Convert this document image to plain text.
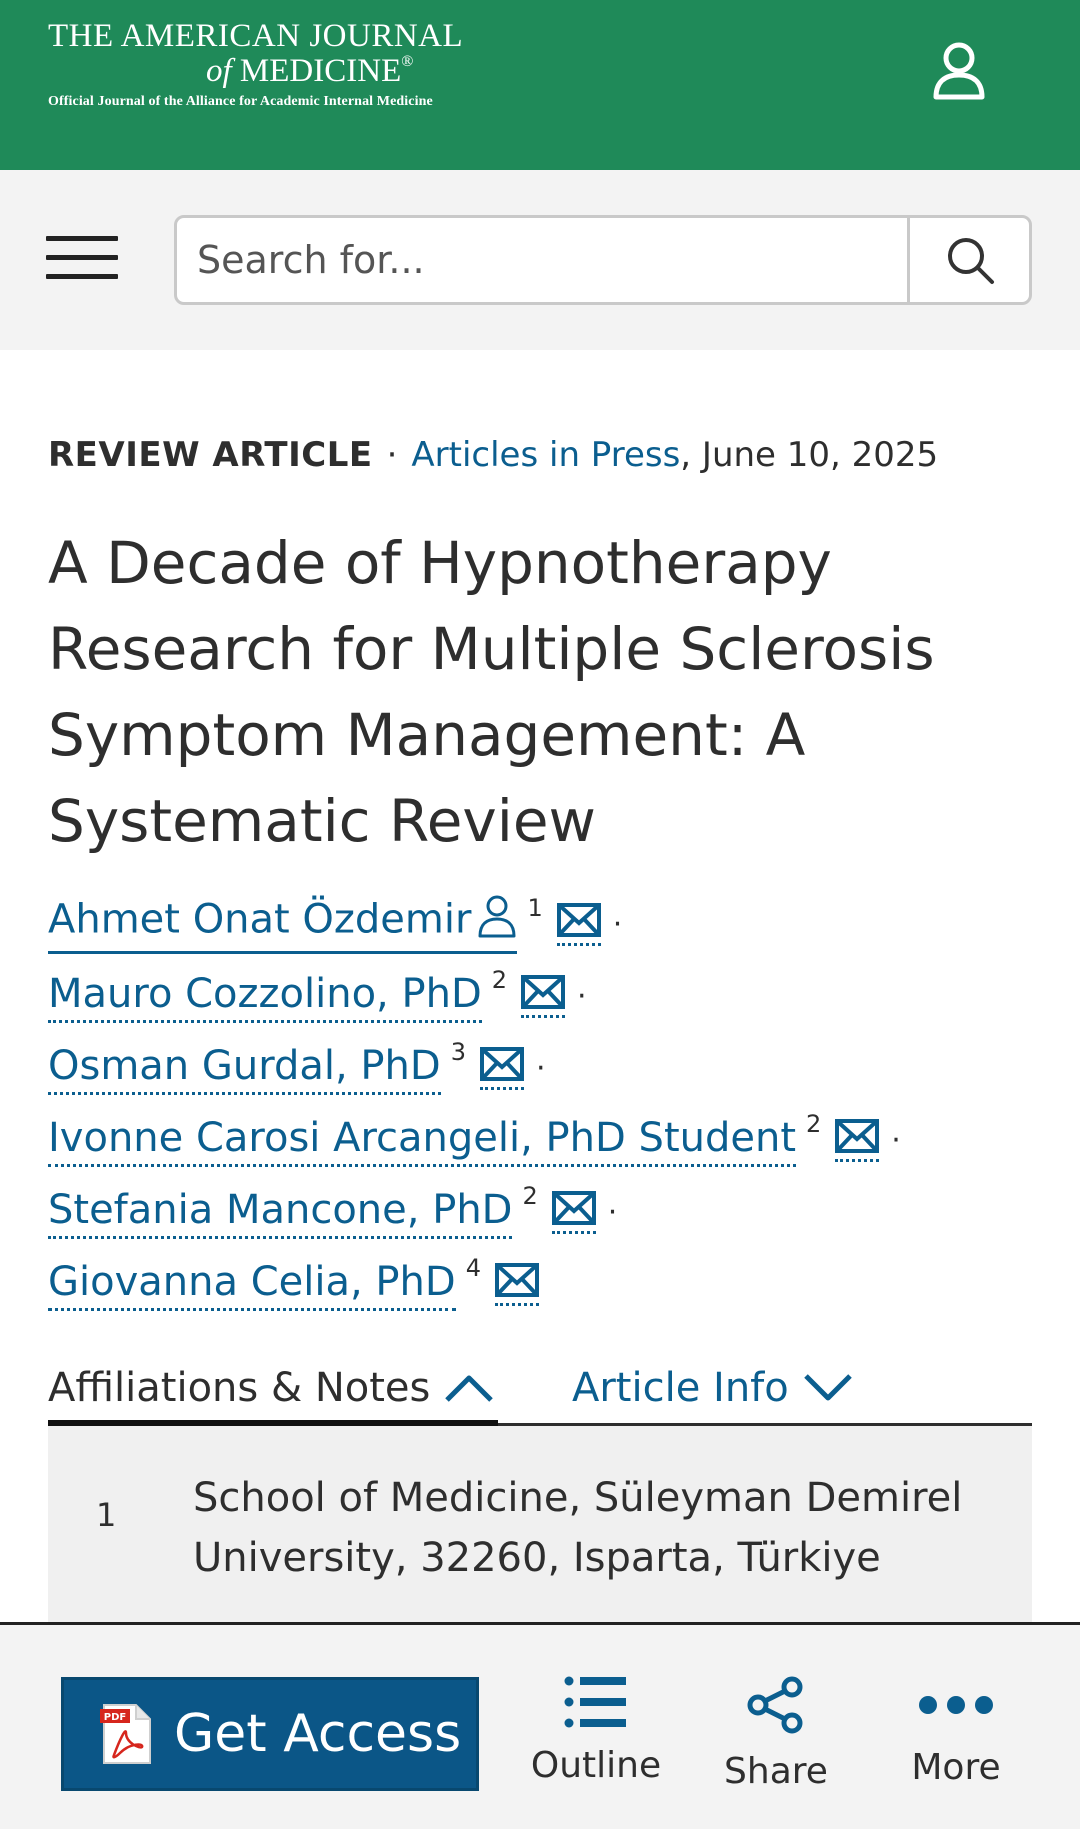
THE AMERICAN JOURNAL
of MEDICINE®
Official Journal of the Alliance for Academic Internal Medicine
Search for...
REVIEW ARTICLE · Articles in Press, June 10, 2025
A Decade of Hypnotherapy Research for Multiple Sclerosis Symptom Management: A Systematic Review
Ahmet Onat Özdemir	1 ·
Mauro Cozzolino, PhD 2 ·
Osman Gurdal, PhD 3 ·
Ivonne Carosi Arcangeli, PhD Student 2 ·
Stefania Mancone, PhD 2 ·
Giovanna Celia, PhD 4
Affiliations & Notes	Article Info
1 School of Medicine, Süleyman Demirel University, 32260, Isparta, Türkiye
PDF Get Access
Outline Share More
